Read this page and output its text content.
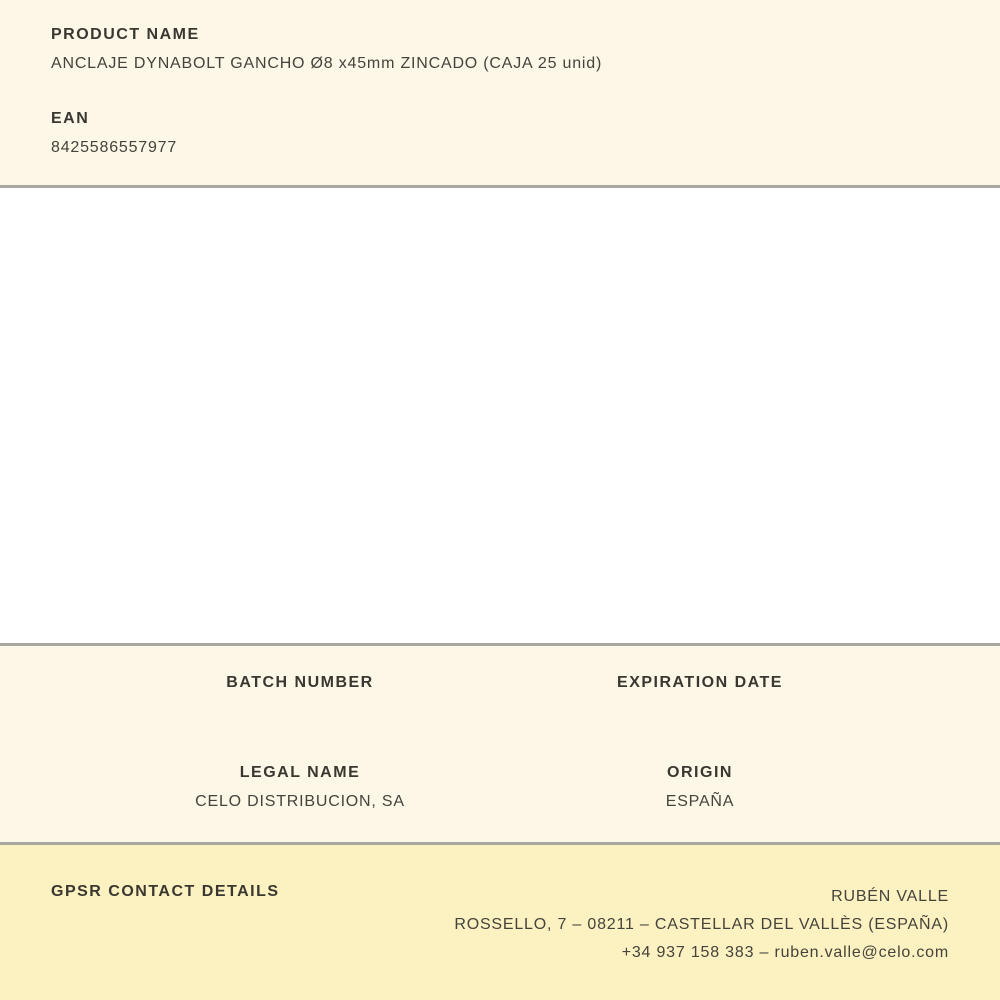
PRODUCT NAME
ANCLAJE DYNABOLT GANCHO Ø8 x45mm ZINCADO (CAJA 25 unid)
EAN
8425586557977
BATCH NUMBER	EXPIRATION DATE
LEGAL NAME
CELO DISTRIBUCION, SA
ORIGIN
ESPAÑA
GPSR CONTACT DETAILS	RUBÉN VALLE
ROSSELLO, 7 – 08211 – CASTELLAR DEL VALLÈS (ESPAÑA)
+34 937 158 383 – ruben.valle@celo.com
